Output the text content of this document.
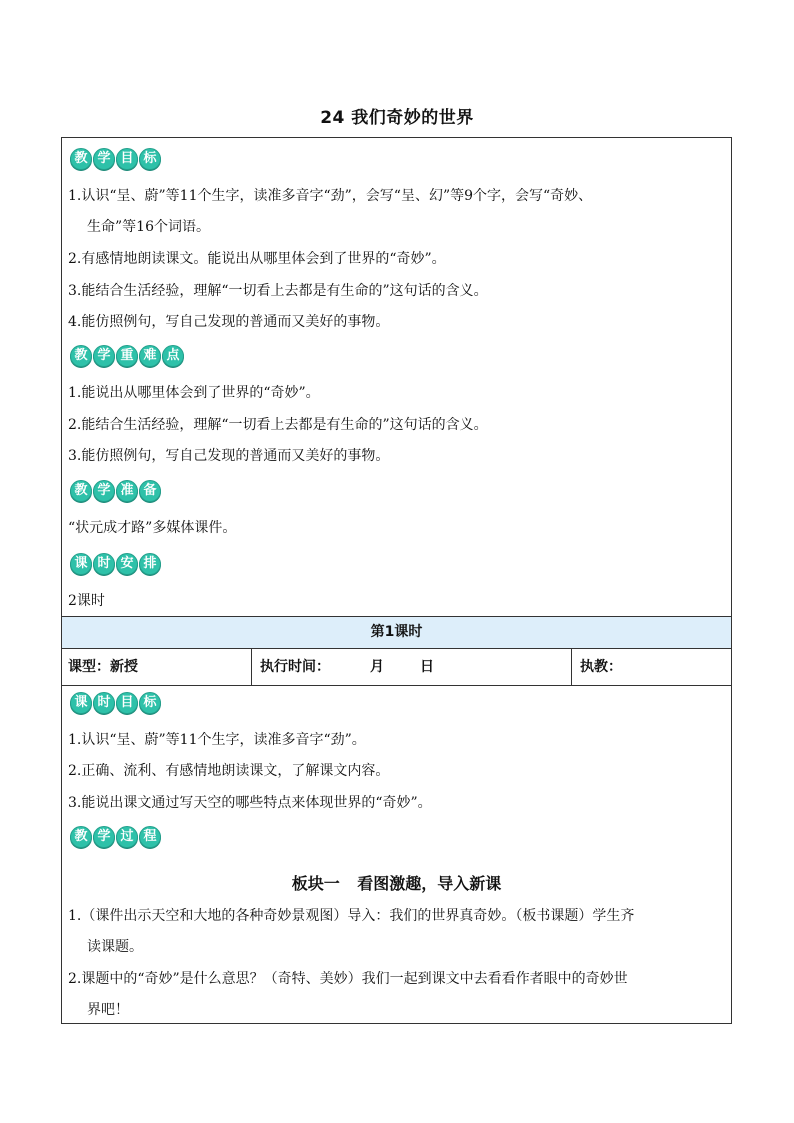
24 我们奇妙的世界
教 学 目 标
1.认识“呈、蔚”等11个生字，读准多音字“劲”，会写“呈、幻”等9个字，会写“奇妙、
生命”等16个词语。
2.有感情地朗读课文。能说出从哪里体会到了世界的“奇妙”。
3.能结合生活经验，理解“一切看上去都是有生命的”这句话的含义。
4.能仿照例句，写自己发现的普通而又美好的事物。
教 学 重 难 点
1.能说出从哪里体会到了世界的“奇妙”。
2.能结合生活经验，理解“一切看上去都是有生命的”这句话的含义。
3.能仿照例句，写自己发现的普通而又美好的事物。
教 学 准 备
“状元成才路”多媒体课件。
课 时 安 排
2课时
第1课时
课型：新授	执行时间：	月	日	执教：
课 时 目 标
1.认识“呈、蔚”等11个生字，读准多音字“劲”。
2.正确、流利、有感情地朗读课文，了解课文内容。
3.能说出课文通过写天空的哪些特点来体现世界的“奇妙”。
教 学 过 程
板块一 看图激趣，导入新课
1.（课件出示天空和大地的各种奇妙景观图）导入：我们的世界真奇妙。（板书课题）学生齐
读课题。
2.课题中的“奇妙”是什么意思？（奇特、美妙）我们一起到课文中去看看作者眼中的奇妙世
界吧！
